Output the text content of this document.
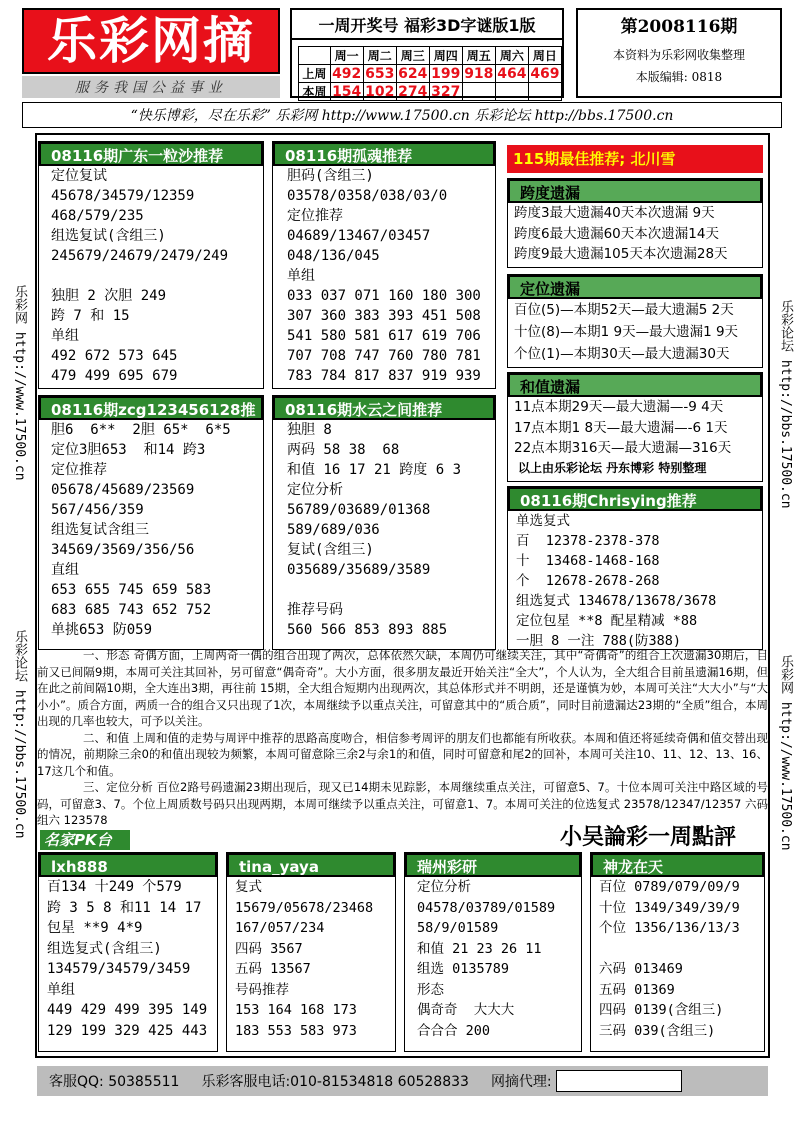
乐彩网摘
服务我国公益事业
一周开奖号 福彩3D字谜版1版
	周一	周二	周三	周四	周五	周六	周日
上周	492	653	624	199	918	464	469
本周	154	102	274	327			
第2008116期
本资料为乐彩网收集整理
本版编辑: 0818
“快乐博彩，尽在乐彩” 乐彩网 http://www.17500.cn 乐彩论坛 http://bbs.17500.cn
乐彩网 http://www.17500.cn
乐彩论坛 http://bbs.17500.cn
乐彩论坛 http://bbs.17500.cn
乐彩网 http://www.17500.cn
08116期广东一粒沙推荐
定位复试
45678/34579/12359
468/579/235
组选复试(含组三)
245679/24679/2479/249

独胆 2 次胆 249
跨 7 和 15
单组
492 672 573 645
479 499 695 679
08116期zcg123456128推
胆6  6**  2胆 65*  6*5
定位3胆653  和14 跨3
定位推荐
05678/45689/23569
567/456/359
组选复试含组三
34569/3569/356/56
直组
653 655 745 659 583
683 685 743 652 752
单挑653 防059
08116期孤魂推荐
胆码(含组三)
03578/0358/038/03/0
定位推荐
04689/13467/03457
048/136/045
单组
033 037 071 160 180 300
307 360 383 393 451 508
541 580 581 617 619 706
707 708 747 760 780 781
783 784 817 837 919 939
08116期水云之间推荐
独胆 8
两码 58 38  68
和值 16 17 21 跨度 6 3
定位分析
56789/03689/01368
589/689/036
复试(含组三)
035689/35689/3589

推荐号码
560 566 853 893 885
115期最佳推荐; 北川雪
跨度遗漏
跨度3最大遗漏40天本次遗漏 9天
跨度6最大遗漏60天本次遗漏14天
跨度9最大遗漏105天本次遗漏28天
定位遗漏
百位(5)—本期52天—最大遗漏5 2天
十位(8)—本期1 9天—最大遗漏1 9天
个位(1)—本期30天—最大遗漏30天
和值遗漏
11点本期29天—最大遗漏—-9 4天
17点本期1 8天—最大遗漏—-6 1天
22点本期316天—最大遗漏—316天
以上由乐彩论坛 丹东博彩 特别整理
08116期Chrisying推荐
单选复式
百  12378-2378-378
十  13468-1468-168
个  12678-2678-268
组选复式 134678/13678/3678
定位包星 **8 配星精减 *88
一胆 8 一注 788(防388)

一、形态 奇偶方面，上周两奇一偶的组合出现了两次，总体依然欠缺，本周仍可继续关注，其中“奇偶奇”的组合上次遗漏30期后，目前又已间隔9期，本周可关注其回补，另可留意“偶奇奇”。大小方面，很多朋友最近开始关注“全大”，个人认为，全大组合目前虽遗漏16期，但在此之前间隔10期，全大连出3期，再往前 15期，全大组合短期内出现两次，其总体形式并不明朗，还是谨慎为妙，本周可关注“大大小”与“大小小”。质合方面，两质一合的组合又只出现了1次，本周继续予以重点关注，可留意其中的“质合质”，同时目前遗漏达23期的“全质”组合，本周出现的几率也较大，可予以关注。

二、和值 上周和值的走势与周评中推荐的思路高度吻合，相信参考周评的朋友们也都能有所收获。本周和值还将延续奇偶和值交替出现的情况，前期除三余0的和值出现较为频繁，本周可留意除三余2与余1的和值，同时可留意和尾2的回补，本周可关注10、11、12、13、16、17这几个和值。

三、定位分析 百位2路号码遗漏23期出现后，现又已14期未见踪影，本周继续重点关注，可留意5、7。十位本周可关注中路区域的号码，可留意3、7。个位上周质数号码只出现两期，本周可继续予以重点关注，可留意1、7。本周可关注的位选复式 23578/12347/12357 六码组六 123578

名家PK台	小吴論彩一周點評
lxh888
百134 十249 个579
跨 3 5 8 和11 14 17
包星 **9 4*9
组选复式(含组三)
134579/34579/3459
单组
449 429 499 395 149
129 199 329 425 443
tina_yaya
复式
15679/05678/23468
167/057/234
四码 3567
五码 13567
号码推荐
153 164 168 173
183 553 583 973
瑞州彩研
定位分析
04578/03789/01589
58/9/01589
和值 21 23 26 11
组选 0135789
形态
偶奇奇  大大大
合合合 200
神龙在天
百位 0789/079/09/9
十位 1349/349/39/9
个位 1356/136/13/3

六码 013469
五码 01369
四码 0139(含组三)
三码 039(含组三)
客服QQ: 50385511 乐彩客服电话:010-81534818 60528833 网摘代理:
